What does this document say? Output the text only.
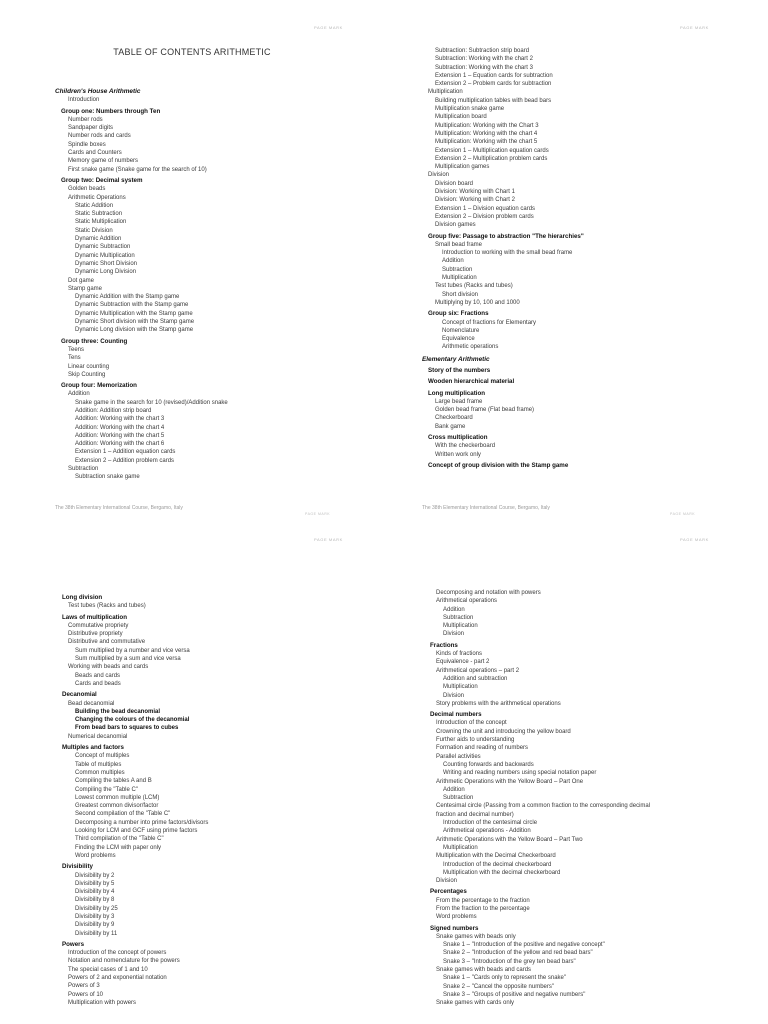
PAGE MARK
TABLE OF CONTENTS ARITHMETIC
Children's House Arithmetic
Introduction
Group one: Numbers through Ten
Number rods
Sandpaper digits
Number rods and cards
Spindle boxes
Cards and Counters
Memory game of numbers
First snake game (Snake game for the search of 10)
Group two: Decimal system
Golden beads
Arithmetic Operations
Static Addition
Static Subtraction
Static Multiplication
Static Division
Dynamic Addition
Dynamic Subtraction
Dynamic Multiplication
Dynamic Short Division
Dynamic Long Division
Dot game
Stamp game
Dynamic Addition with the Stamp game
Dynamic Subtraction with the Stamp game
Dynamic Multiplication with the Stamp game
Dynamic Short division with the Stamp game
Dynamic Long division with the Stamp game
Group three: Counting
Teens
Tens
Linear counting
Skip Counting
Group four: Memorization
Addition
Snake game in the search for 10 (revised)/Addition snake
Addition: Addition strip board
Addition: Working with the chart 3
Addition: Working with the chart 4
Addition: Working with the chart 5
Addition: Working with the chart 6
Extension 1 – Addition equation cards
Extension 2 – Addition problem cards
Subtraction
Subtraction snake game
The 38th Elementary International Course, Bergamo, Italy
PAGE MARK
PAGE MARK
Subtraction: Subtraction strip board
Subtraction: Working with the chart 2
Subtraction: Working with the chart 3
Extension 1 – Equation cards for subtraction
Extension 2 – Problem cards for subtraction
Multiplication
Building multiplication tables with bead bars
Multiplication snake game
Multiplication board
Multiplication: Working with the Chart 3
Multiplication: Working with the chart 4
Multiplication: Working with the chart 5
Extension 1 – Multiplication equation cards
Extension 2 – Multiplication problem cards
Multiplication games
Division
Division board
Division: Working with Chart 1
Division: Working with Chart 2
Extension 1 – Division equation cards
Extension 2 – Division problem cards
Division games
Group five: Passage to abstraction "The hierarchies"
Small bead frame
Introduction to working with the small bead frame
Addition
Subtraction
Multiplication
Test tubes (Racks and tubes)
Short division
Multiplying by 10, 100 and 1000
Group six: Fractions
Concept of fractions for Elementary
Nomenclature
Equivalence
Arithmetic operations
Elementary Arithmetic
Story of the numbers
Wooden hierarchical material
Long multiplication
Large bead frame
Golden bead frame (Flat bead frame)
Checkerboard
Bank game
Cross multiplication
With the checkerboard
Written work only
Concept of group division with the Stamp game
The 38th Elementary International Course, Bergamo, Italy
PAGE MARK
PAGE MARK
Long division
Test tubes (Racks and tubes)
Laws of multiplication
Commutative propriety
Distributive propriety
Distributive and commutative
Sum multiplied by a number and vice versa
Sum multiplied by a sum and vice versa
Working with beads and cards
Beads and cards
Cards and beads
Decanomial
Bead decanomial
Building the bead decanomial
Changing the colours of the decanomial
From bead bars to squares to cubes
Numerical decanomial
Multiples and factors
Concept of multiples
Table of multiples
Common multiples
Compiling the tables A and B
Compiling the "Table C"
Lowest common multiple (LCM)
Greatest common divisor/factor
Second compilation of the "Table C"
Decomposing a number into prime factors/divisors
Looking for LCM and GCF using prime factors
Third compilation of the "Table C"
Finding the LCM with paper only
Word problems
Divisibility
Divisibility by 2
Divisibility by 5
Divisibility by 4
Divisibility by 8
Divisibility by 25
Divisibility by 3
Divisibility by 9
Divisibility by 11
Powers
Introduction of the concept of powers
Notation and nomenclature for the powers
The special cases of 1 and 10
Powers of 2 and exponential notation
Powers of 3
Powers of 10
Multiplication with powers
PAGE MARK
Decomposing and notation with powers
Arithmetical operations
Addition
Subtraction
Multiplication
Division
Fractions
Kinds of fractions
Equivalence - part 2
Arithmetical operations – part 2
Addition and subtraction
Multiplication
Division
Story problems with the arithmetical operations
Decimal numbers
Introduction of the concept
Crowning the unit and introducing the yellow board
Further aids to understanding
Formation and reading of numbers
Parallel activities
Counting forwards and backwards
Writing and reading numbers using special notation paper
Arithmetic Operations with the Yellow Board – Part One
Addition
Subtraction
Centesimal circle (Passing from a common fraction to the corresponding decimal
fraction and decimal number)
Introduction of the centesimal circle
Arithmetical operations - Addition
Arithmetic Operations with the Yellow Board – Part Two
Multiplication
Multiplication with the Decimal Checkerboard
Introduction of the decimal checkerboard
Multiplication with the decimal checkerboard
Division
Percentages
From the percentage to the fraction
From the fraction to the percentage
Word problems
Signed numbers
Snake games with beads only
Snake 1 – "Introduction of the positive and negative concept"
Snake 2 – "Introduction of the yellow and red bead bars"
Snake 3 – "Introduction of the grey ten bead bars"
Snake games with beads and cards
Snake 1 – "Cards only to represent the snake"
Snake 2 – "Cancel the opposite numbers"
Snake 3 – "Groups of positive and negative numbers"
Snake games with cards only
